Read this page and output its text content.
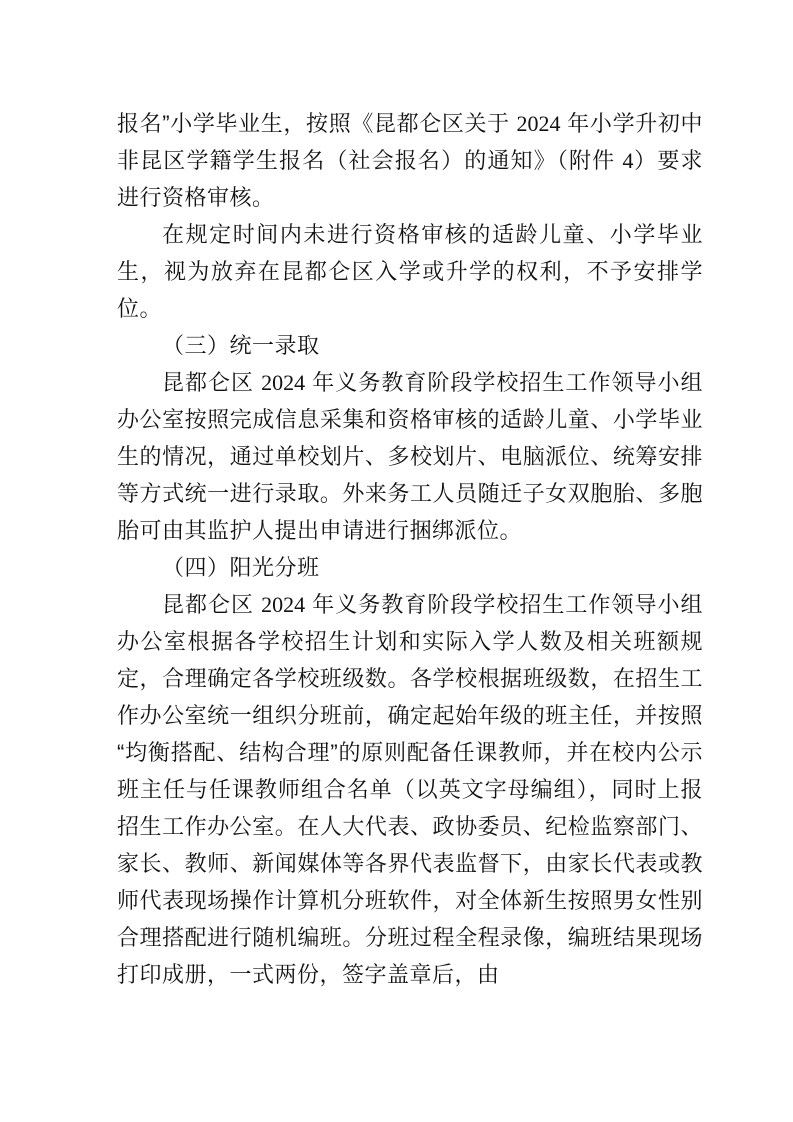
报名”小学毕业生，按照《昆都仑区关于 2024 年小学升初中非昆区学籍学生报名（社会报名）的通知》（附件 4）要求进行资格审核。

在规定时间内未进行资格审核的适龄儿童、小学毕业生，视为放弃在昆都仑区入学或升学的权利，不予安排学位。

（三）统一录取

昆都仑区 2024 年义务教育阶段学校招生工作领导小组办公室按照完成信息采集和资格审核的适龄儿童、小学毕业生的情况，通过单校划片、多校划片、电脑派位、统筹安排等方式统一进行录取。外来务工人员随迁子女双胞胎、多胞胎可由其监护人提出申请进行捆绑派位。

（四）阳光分班

昆都仑区 2024 年义务教育阶段学校招生工作领导小组办公室根据各学校招生计划和实际入学人数及相关班额规定，合理确定各学校班级数。各学校根据班级数，在招生工作办公室统一组织分班前，确定起始年级的班主任，并按照“均衡搭配、结构合理”的原则配备任课教师，并在校内公示班主任与任课教师组合名单（以英文字母编组），同时上报招生工作办公室。在人大代表、政协委员、纪检监察部门、家长、教师、新闻媒体等各界代表监督下，由家长代表或教师代表现场操作计算机分班软件，对全体新生按照男女性别合理搭配进行随机编班。分班过程全程录像，编班结果现场打印成册，一式两份，签字盖章后，由
